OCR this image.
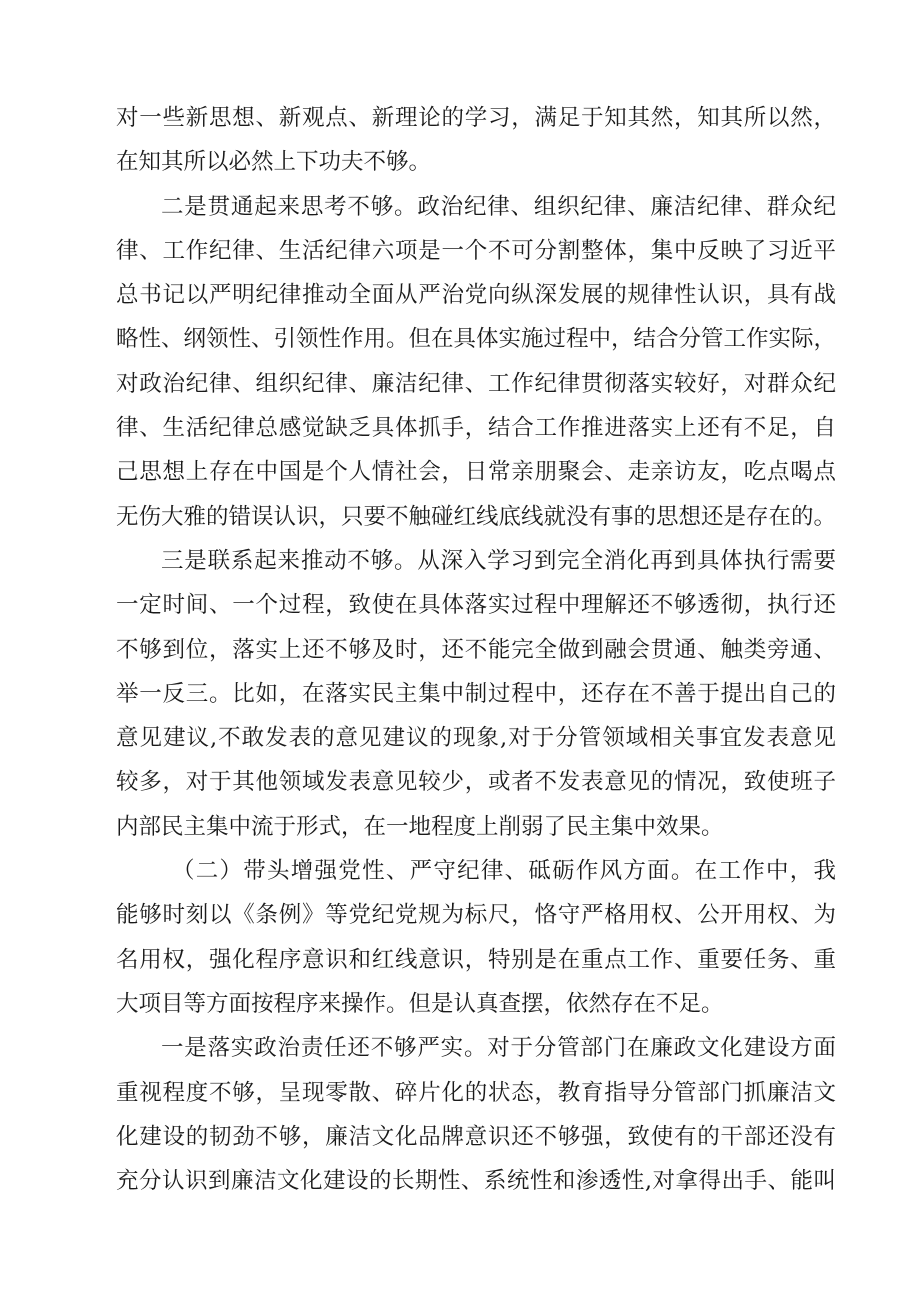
对一些新思想、新观点、新理论的学习，满足于知其然，知其所以然，
在知其所以必然上下功夫不够。
二是贯通起来思考不够。政治纪律、组织纪律、廉洁纪律、群众纪
律、工作纪律、生活纪律六项是一个不可分割整体，集中反映了习近平
总书记以严明纪律推动全面从严治党向纵深发展的规律性认识，具有战
略性、纲领性、引领性作用。但在具体实施过程中，结合分管工作实际，
对政治纪律、组织纪律、廉洁纪律、工作纪律贯彻落实较好，对群众纪
律、生活纪律总感觉缺乏具体抓手，结合工作推进落实上还有不足，自
己思想上存在中国是个人情社会，日常亲朋聚会、走亲访友，吃点喝点
无伤大雅的错误认识，只要不触碰红线底线就没有事的思想还是存在的。
三是联系起来推动不够。从深入学习到完全消化再到具体执行需要
一定时间、一个过程，致使在具体落实过程中理解还不够透彻，执行还
不够到位，落实上还不够及时，还不能完全做到融会贯通、触类旁通、
举一反三。比如，在落实民主集中制过程中，还存在不善于提出自己的
意见建议,不敢发表的意见建议的现象,对于分管领域相关事宜发表意见
较多，对于其他领域发表意见较少，或者不发表意见的情况，致使班子
内部民主集中流于形式，在一地程度上削弱了民主集中效果。
（二）带头增强党性、严守纪律、砥砺作风方面。在工作中，我
能够时刻以《条例》等党纪党规为标尺，恪守严格用权、公开用权、为
名用权，强化程序意识和红线意识，特别是在重点工作、重要任务、重
大项目等方面按程序来操作。但是认真查摆，依然存在不足。
一是落实政治责任还不够严实。对于分管部门在廉政文化建设方面
重视程度不够，呈现零散、碎片化的状态，教育指导分管部门抓廉洁文
化建设的韧劲不够，廉洁文化品牌意识还不够强，致使有的干部还没有
充分认识到廉洁文化建设的长期性、系统性和渗透性,对拿得出手、能叫
